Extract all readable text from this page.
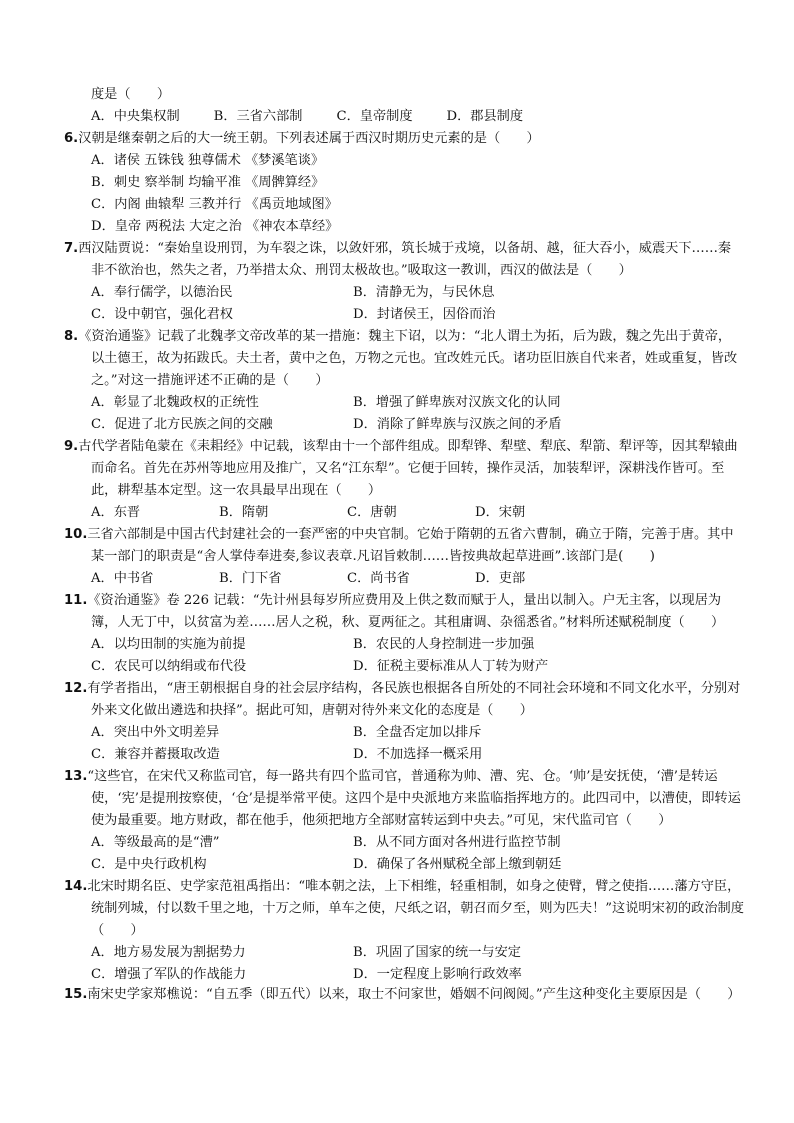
度是（　　）

A．中央集权制	B．三省六部制	C．皇帝制度	D．郡县制度

6.汉朝是继秦朝之后的大一统王朝。下列表述属于西汉时期历史元素的是（　　）

A．诸侯 五铢钱 独尊儒术 《梦溪笔谈》
B．刺史 察举制 均输平准 《周髀算经》
C．内阁 曲辕犁 三教并行 《禹贡地域图》
D．皇帝 两税法 大定之治 《神农本草经》

7.西汉陆贾说：“秦始皇设刑罚，为车裂之诛，以敛奸邪，筑长城于戎境，以备胡、越，征大吞小，威震天下……秦非不欲治也，然失之者，乃举措太众、刑罚太极故也。”吸取这一教训，西汉的做法是（　　）

A．奉行儒学，以德治民	B．清静无为，与民休息
C．设中朝官，强化君权	D．封诸侯王，因俗而治

8.《资治通鉴》记载了北魏孝文帝改革的某一措施：魏主下诏，以为：“北人谓土为拓，后为跋，魏之先出于黄帝，以土德王，故为拓跋氏。夫土者，黄中之色，万物之元也。宜改姓元氏。诸功臣旧族自代来者，姓或重复，皆改之。”对这一措施评述不正确的是（　　）

A．彰显了北魏政权的正统性	B．增强了鲜卑族对汉族文化的认同
C．促进了北方民族之间的交融	D．消除了鲜卑族与汉族之间的矛盾

9.古代学者陆龟蒙在《耒耜经》中记载，该犁由十一个部件组成。即犁铧、犁壁、犁底、犁箭、犁评等，因其犁辕曲而命名。首先在苏州等地应用及推广，又名“江东犁”。它便于回转，操作灵活，加装犁评，深耕浅作皆可。至此，耕犁基本定型。这一农具最早出现在（　　）

A．东晋	B．隋朝	C．唐朝	D．宋朝

10.三省六部制是中国古代封建社会的一套严密的中央官制。它始于隋朝的五省六曹制，确立于隋，完善于唐。其中某一部门的职责是“舍人掌侍奉进奏,参议表章.凡诏旨敕制……皆按典故起草进画”.该部门是(　　)

A．中书省	B．门下省	C．尚书省	D．吏部

11.《资治通鉴》卷 226 记载：“先计州县每岁所应费用及上供之数而赋于人，量出以制入。户无主客，以现居为簿，人无丁中，以贫富为差……居人之税，秋、夏两征之。其租庸调、杂徭悉省。”材料所述赋税制度（　　）

A．以均田制的实施为前提	B．农民的人身控制进一步加强
C．农民可以纳绢或布代役	D．征税主要标准从人丁转为财产

12.有学者指出，“唐王朝根据自身的社会层序结构，各民族也根据各自所处的不同社会环境和不同文化水平，分别对外来文化做出遴选和抉择”。据此可知，唐朝对待外来文化的态度是（　　）

A．突出中外文明差异	B．全盘否定加以排斥
C．兼容并蓄摄取改造	D．不加选择一概采用

13.“这些官，在宋代又称监司官，每一路共有四个监司官，普通称为帅、漕、宪、仓。‘帅’是安抚使，‘漕’是转运使，‘宪’是提刑按察使，‘仓’是提举常平使。这四个是中央派地方来监临指挥地方的。此四司中，以漕使，即转运使为最重要。地方财政，都在他手，他须把地方全部财富转运到中央去。”可见，宋代监司官（　　）

A．等级最高的是“漕”	B．从不同方面对各州进行监控节制
C．是中央行政机构	D．确保了各州赋税全部上缴到朝廷

14.北宋时期名臣、史学家范祖禹指出：“唯本朝之法，上下相维，轻重相制，如身之使臂，臂之使指……藩方守臣，统制列城，付以数千里之地，十万之师，单车之使，尺纸之诏，朝召而夕至，则为匹夫！”这说明宋初的政治制度（　　）

A．地方易发展为割据势力	B．巩固了国家的统一与安定
C．增强了军队的作战能力	D．一定程度上影响行政效率

15.南宋史学家郑樵说：“自五季（即五代）以来，取士不问家世，婚姻不问阀阅。”产生这种变化主要原因是（　　）
